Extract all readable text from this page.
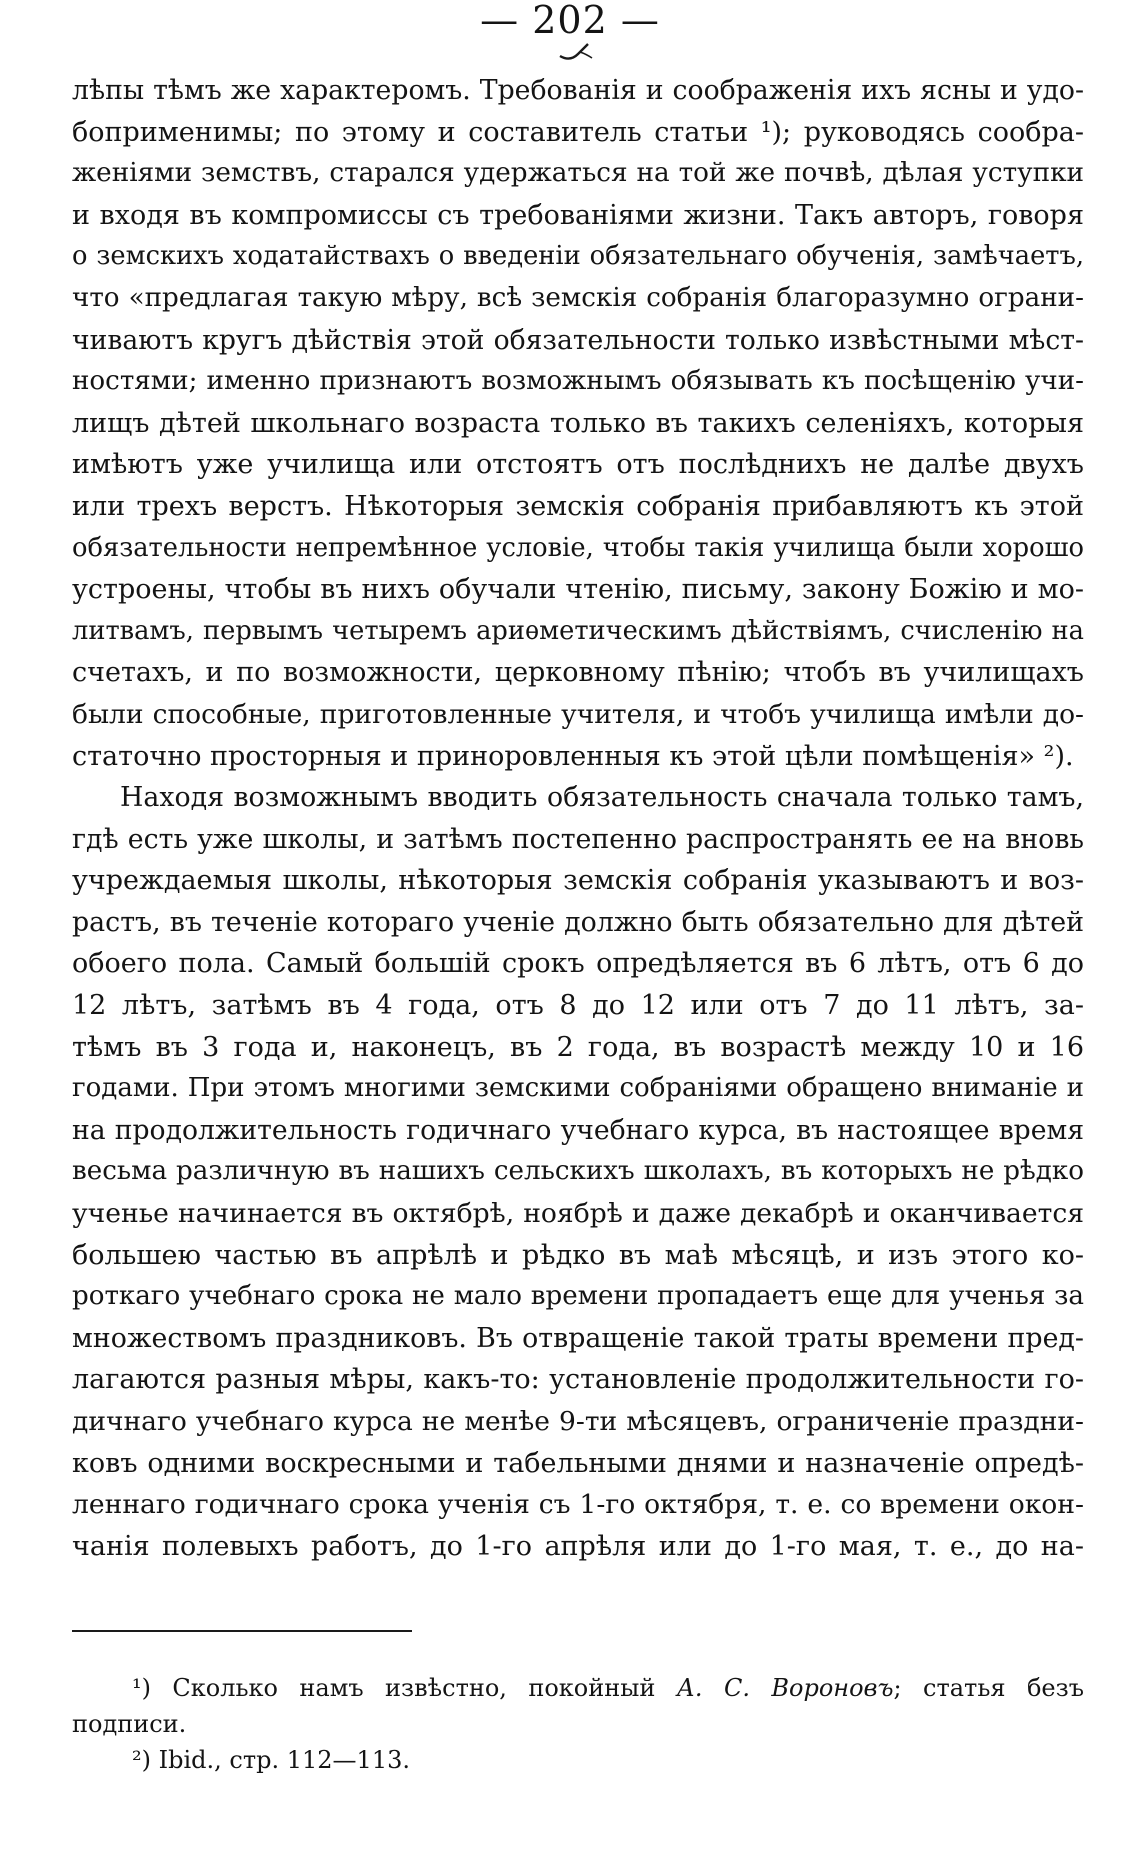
— 202 —
лѣпы тѣмъ же характеромъ. Требованія и соображенія ихъ ясны и удо-
боприменимы; по этому и составитель статьи ¹); руководясь сообра-
женіями земствъ, старался удержаться на той же почвѣ, дѣлая уступки
и входя въ компромиссы съ требованіями жизни. Такъ авторъ, говоря
о земскихъ ходатайствахъ о введеніи обязательнаго обученія, замѣчаетъ,
что «предлагая такую мѣру, всѣ земскія собранія благоразумно ограни-
чиваютъ кругъ дѣйствія этой обязательности только извѣстными мѣст-
ностями; именно признаютъ возможнымъ обязывать къ посѣщенію учи-
лищъ дѣтей школьнаго возраста только въ такихъ селеніяхъ, которыя
имѣютъ уже училища или отстоятъ отъ послѣднихъ не далѣе двухъ
или трехъ верстъ. Нѣкоторыя земскія собранія прибавляютъ къ этой
обязательности непремѣнное условіе, чтобы такія училища были хорошо
устроены, чтобы въ нихъ обучали чтенію, письму, закону Божію и мо-
литвамъ, первымъ четыремъ ариѳметическимъ дѣйствіямъ, счисленію на
счетахъ, и по возможности, церковному пѣнію; чтобъ въ училищахъ
были способные, приготовленные учителя, и чтобъ училища имѣли до-
статочно просторныя и приноровленныя къ этой цѣли помѣщенія» ²).
Находя возможнымъ вводить обязательность сначала только тамъ,
гдѣ есть уже школы, и затѣмъ постепенно распространять ее на вновь
учреждаемыя школы, нѣкоторыя земскія собранія указываютъ и воз-
растъ, въ теченіе котораго ученіе должно быть обязательно для дѣтей
обоего пола. Самый большій срокъ опредѣляется въ 6 лѣтъ, отъ 6 до
12 лѣтъ, затѣмъ въ 4 года, отъ 8 до 12 или отъ 7 до 11 лѣтъ, за-
тѣмъ въ 3 года и, наконецъ, въ 2 года, въ возрастѣ между 10 и 16
годами. При этомъ многими земскими собраніями обращено вниманіе и
на продолжительность годичнаго учебнаго курса, въ настоящее время
весьма различную въ нашихъ сельскихъ школахъ, въ которыхъ не рѣдко
ученье начинается въ октябрѣ, ноябрѣ и даже декабрѣ и оканчивается
большею частью въ апрѣлѣ и рѣдко въ маѣ мѣсяцѣ, и изъ этого ко-
роткаго учебнаго срока не мало времени пропадаетъ еще для ученья за
множествомъ праздниковъ. Въ отвращеніе такой траты времени пред-
лагаются разныя мѣры, какъ-то: установленіе продолжительности го-
дичнаго учебнаго курса не менѣе 9-ти мѣсяцевъ, ограниченіе праздни-
ковъ одними воскресными и табельными днями и назначеніе опредѣ-
леннаго годичнаго срока ученія съ 1-го октября, т. е. со времени окон-
чанія полевыхъ работъ, до 1-го апрѣля или до 1-го мая, т. е., до на-
¹) Сколько намъ извѣстно, покойный А. С. Вороновъ; статья безъ
подписи.
²) Ibid., стр. 112—113.
